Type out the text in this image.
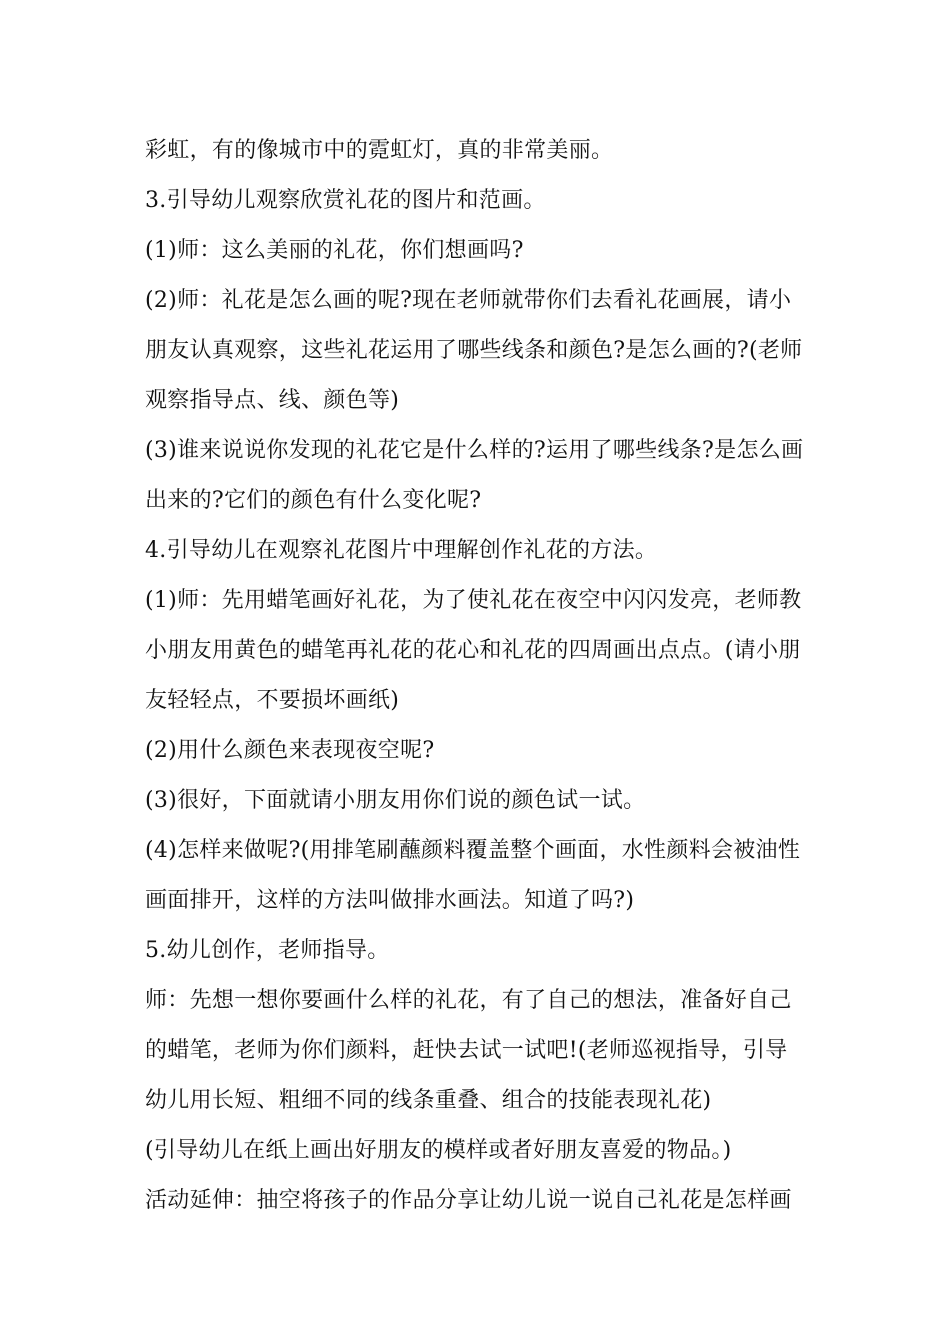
彩虹，有的像城市中的霓虹灯，真的非常美丽。

3.引导幼儿观察欣赏礼花的图片和范画。

(1)师：这么美丽的礼花，你们想画吗?

(2)师：礼花是怎么画的呢?现在老师就带你们去看礼花画展，请小

朋友认真观察，这些礼花运用了哪些线条和颜色?是怎么画的?(老师

观察指导点、线、颜色等)

(3)谁来说说你发现的礼花它是什么样的?运用了哪些线条?是怎么画

出来的?它们的颜色有什么变化呢?

4.引导幼儿在观察礼花图片中理解创作礼花的方法。

(1)师：先用蜡笔画好礼花，为了使礼花在夜空中闪闪发亮，老师教

小朋友用黄色的蜡笔再礼花的花心和礼花的四周画出点点。(请小朋

友轻轻点，不要损坏画纸)

(2)用什么颜色来表现夜空呢?

(3)很好，下面就请小朋友用你们说的颜色试一试。

(4)怎样来做呢?(用排笔刷蘸颜料覆盖整个画面，水性颜料会被油性

画面排开，这样的方法叫做排水画法。知道了吗?)

5.幼儿创作，老师指导。

师：先想一想你要画什么样的礼花，有了自己的想法，准备好自己

的蜡笔，老师为你们颜料，赶快去试一试吧!(老师巡视指导，引导

幼儿用长短、粗细不同的线条重叠、组合的技能表现礼花)

(引导幼儿在纸上画出好朋友的模样或者好朋友喜爱的物品。)

活动延伸：抽空将孩子的作品分享让幼儿说一说自己礼花是怎样画
